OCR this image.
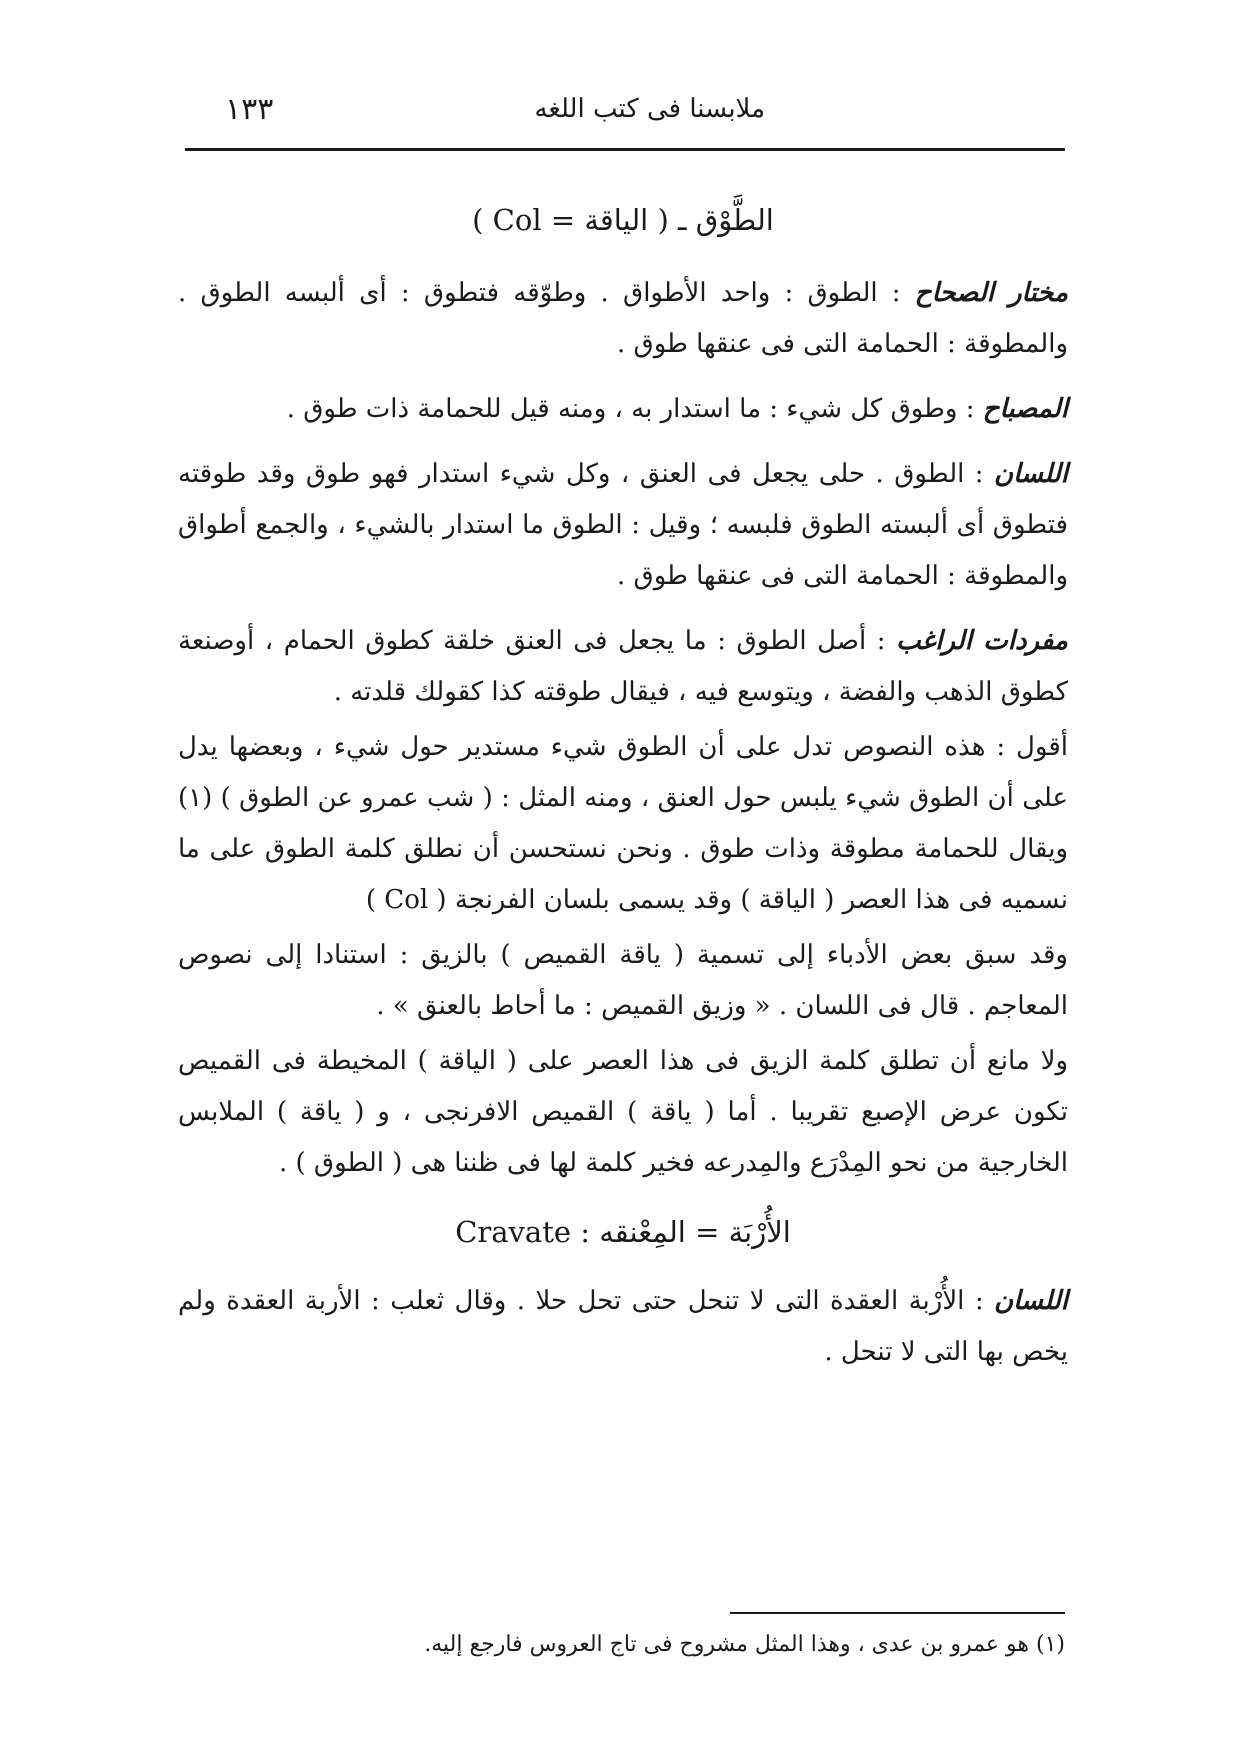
ملابسنا فى كتب اللغه
١٣٣
الطَّوْق ـ ( الياقة = Col )

مختار الصحاح : الطوق : واحد الأطواق . وطوّقه فتطوق : أى ألبسه الطوق . والمطوقة : الحمامة التى فى عنقها طوق .

المصباح : وطوق كل شيء : ما استدار به ، ومنه قيل للحمامة ذات طوق .

اللسان : الطوق . حلى يجعل فى العنق ، وكل شيء استدار فهو طوق وقد طوقته فتطوق أى ألبسته الطوق فلبسه ؛ وقيل : الطوق ما استدار بالشيء ، والجمع أطواق والمطوقة : الحمامة التى فى عنقها طوق .

مفردات الراغب : أصل الطوق : ما يجعل فى العنق خلقة كطوق الحمام ، أوصنعة كطوق الذهب والفضة ، ويتوسع فيه ، فيقال طوقته كذا كقولك قلدته .

أقول : هذه النصوص تدل على أن الطوق شيء مستدير حول شيء ، وبعضها يدل على أن الطوق شيء يلبس حول العنق ، ومنه المثل : ( شب عمرو عن الطوق ) (١) ويقال للحمامة مطوقة وذات طوق . ونحن نستحسن أن نطلق كلمة الطوق على ما نسميه فى هذا العصر ( الياقة ) وقد يسمى بلسان الفرنجة ( Col )

وقد سبق بعض الأدباء إلى تسمية ( ياقة القميص ) بالزيق : استنادا إلى نصوص المعاجم . قال فى اللسان . « وزيق القميص : ما أحاط بالعنق » .

ولا مانع أن تطلق كلمة الزيق فى هذا العصر على ( الياقة ) المخيطة فى القميص تكون عرض الإصبع تقريبا . أما ( ياقة ) القميص الافرنجى ، و ( ياقة ) الملابس الخارجية من نحو المِدْرَع والمِدرعه فخير كلمة لها فى ظننا هى ( الطوق ) .

الأُرْبَة = المِعْنقه : Cravate

اللسان : الأُرْبة العقدة التى لا تنحل حتى تحل حلا . وقال ثعلب : الأربة العقدة ولم يخص بها التى لا تنحل .

(١) هو عمرو بن عدى ، وهذا المثل مشروح فى تاج العروس فارجع إليه.
